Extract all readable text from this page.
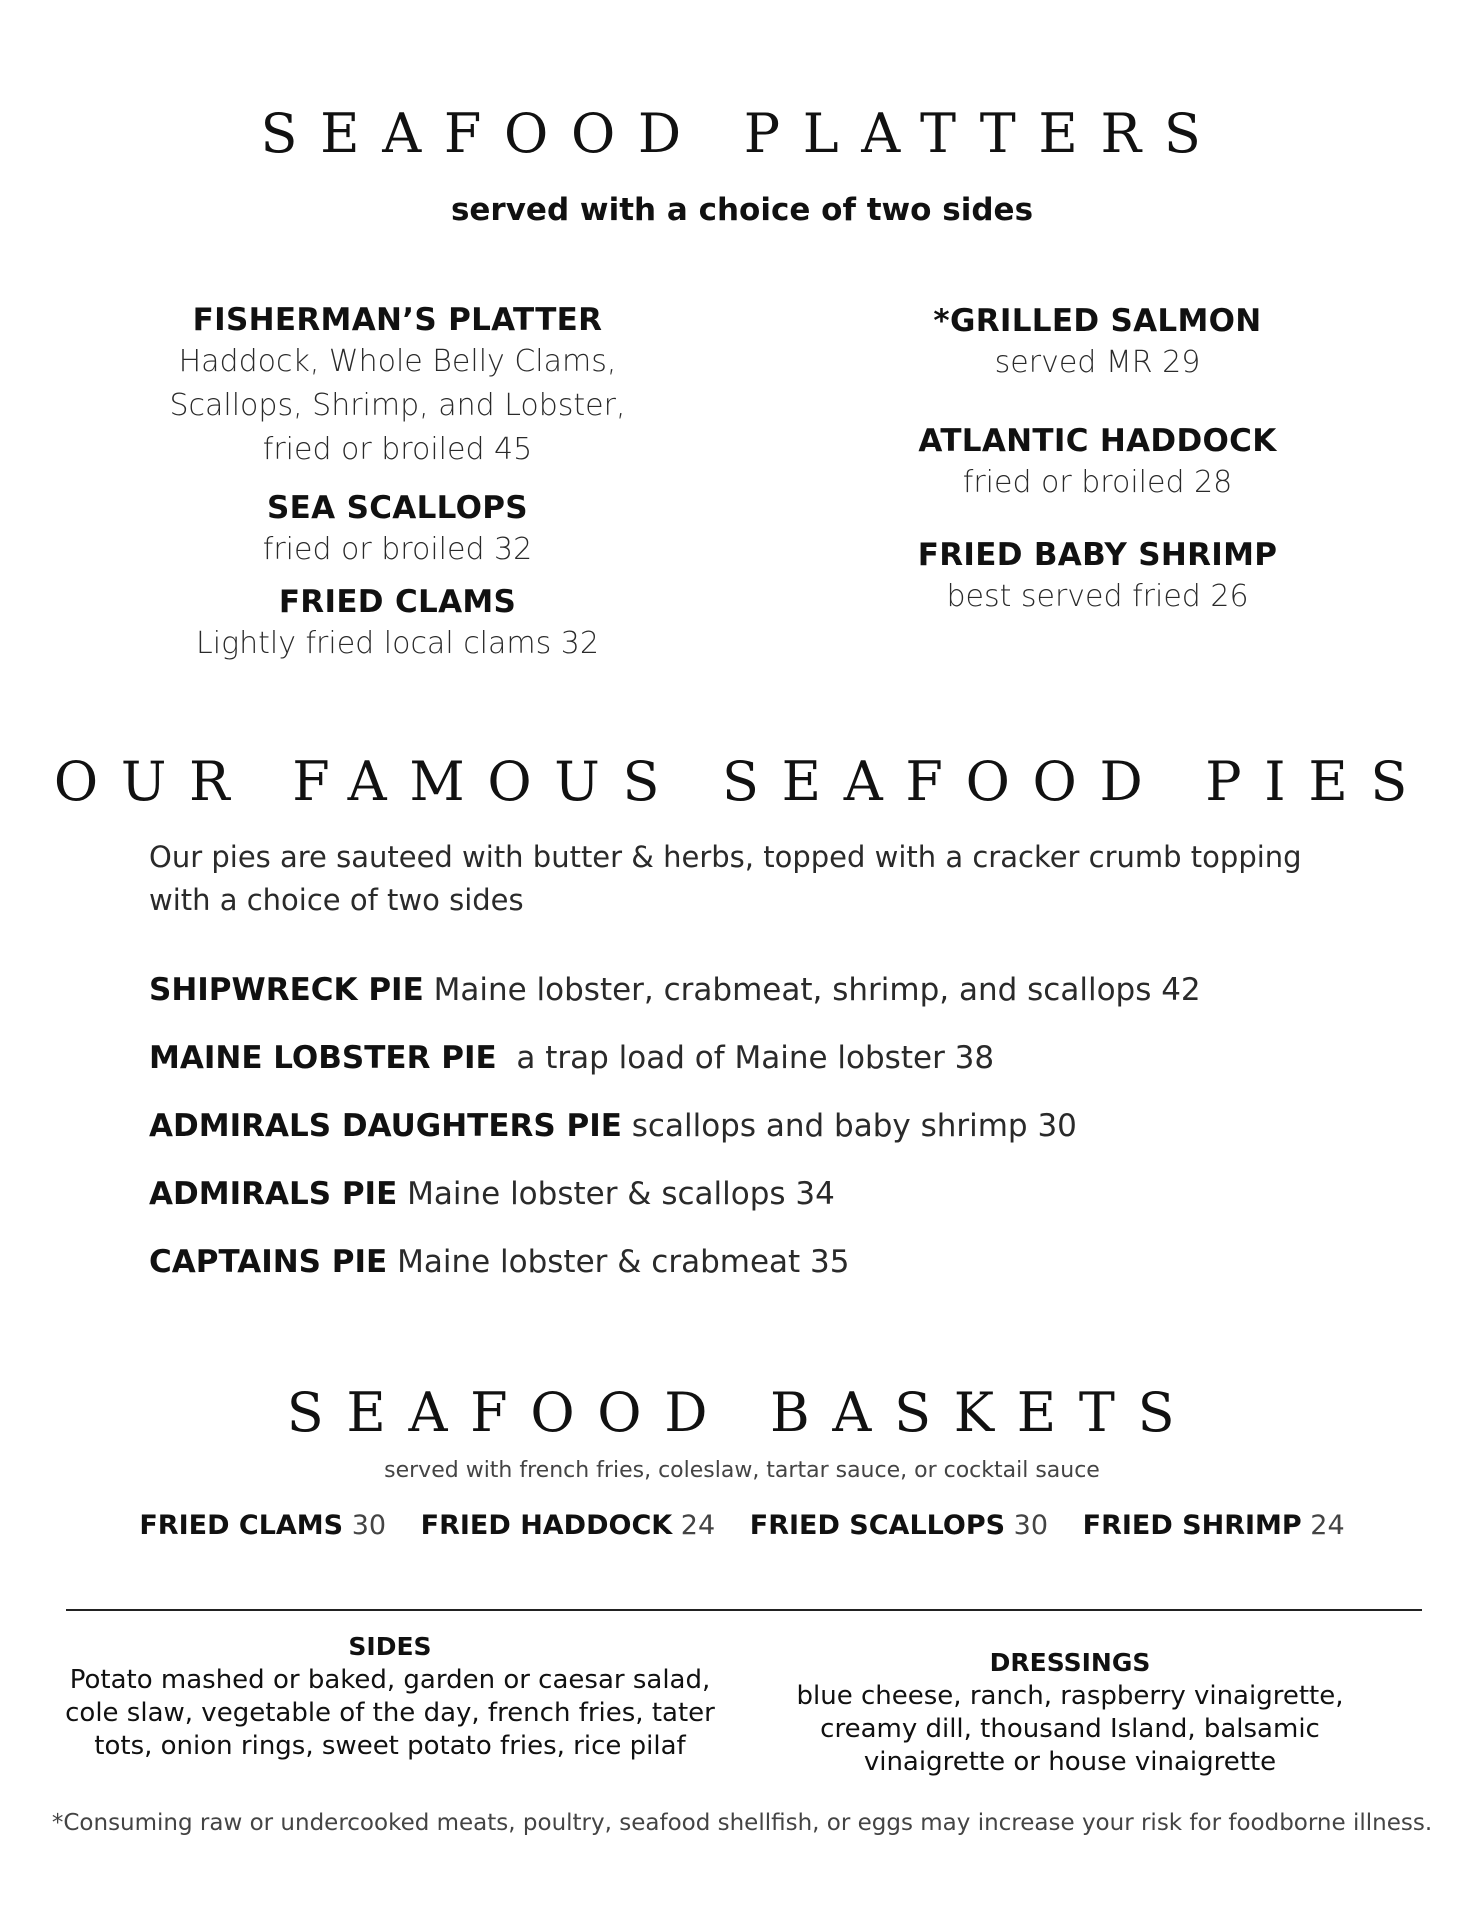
SEAFOOD PLATTERS

served with a choice of two sides

FISHERMAN’S PLATTER
Haddock, Whole Belly Clams, Scallops, Shrimp, and Lobster, fried or broiled 45
SEA SCALLOPS
fried or broiled 32
FRIED CLAMS
Lightly fried local clams 32
*GRILLED SALMON
served MR 29
ATLANTIC HADDOCK
fried or broiled 28
FRIED BABY SHRIMP
best served fried 26
OUR FAMOUS SEAFOOD PIES

Our pies are sauteed with butter & herbs, topped with a cracker crumb topping with a choice of two sides

SHIPWRECK PIE Maine lobster, crabmeat, shrimp, and scallops 42
MAINE LOBSTER PIE  a trap load of Maine lobster 38
ADMIRALS DAUGHTERS PIE scallops and baby shrimp 30
ADMIRALS PIE Maine lobster & scallops 34
CAPTAINS PIE Maine lobster & crabmeat 35
SEAFOOD BASKETS

served with french fries, coleslaw, tartar sauce, or cocktail sauce

FRIED CLAMS 30 FRIED HADDOCK 24 FRIED SCALLOPS 30 FRIED SHRIMP 24
SIDES
Potato mashed or baked, garden or caesar salad, cole slaw, vegetable of the day, french fries, tater tots, onion rings, sweet potato fries, rice pilaf
DRESSINGS
blue cheese, ranch, raspberry vinaigrette, creamy dill, thousand Island, balsamic vinaigrette or house vinaigrette

*Consuming raw or undercooked meats, poultry, seafood shellfish, or eggs may increase your risk for foodborne illness.
